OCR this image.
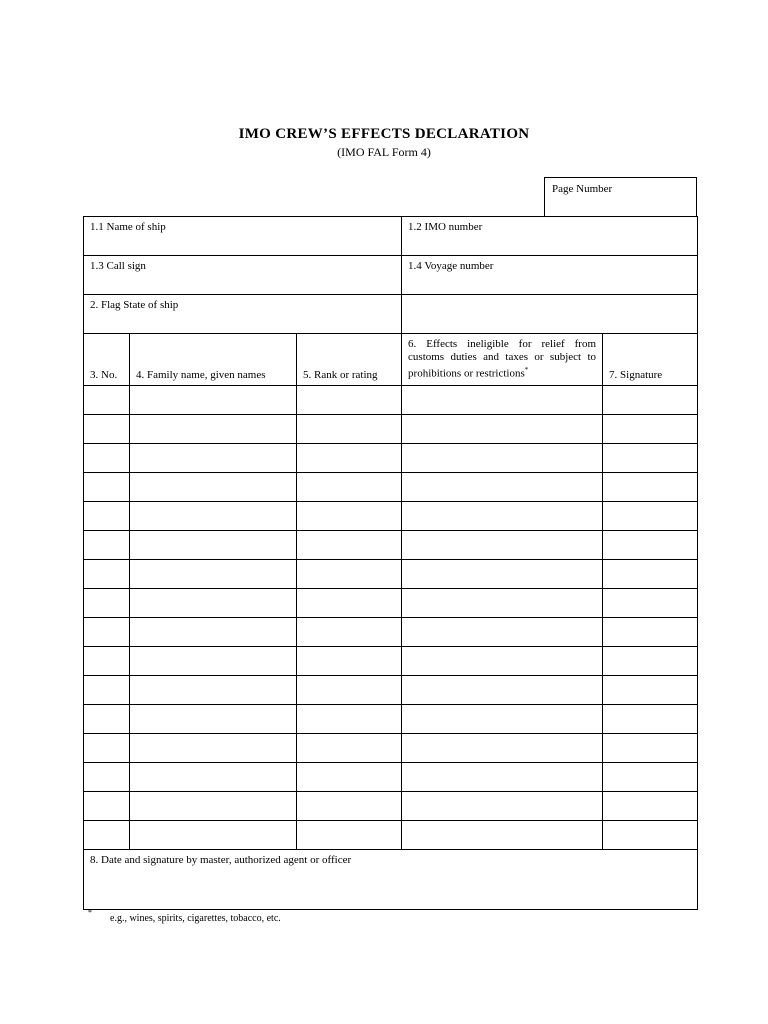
IMO CREW’S EFFECTS DECLARATION
(IMO FAL Form 4)
Page Number
1.1 Name of ship			1.2 IMO number	
1.3 Call sign			1.4 Voyage number	
2. Flag State of ship				
3. No.	4. Family name, given names	5. Rank or rating	6. Effects ineligible for relief from customs duties and taxes or subject to prohibitions or restrictions*	7. Signature

8. Date and signature by master, authorized agent or officer				
*
e.g., wines, spirits, cigarettes, tobacco, etc.
